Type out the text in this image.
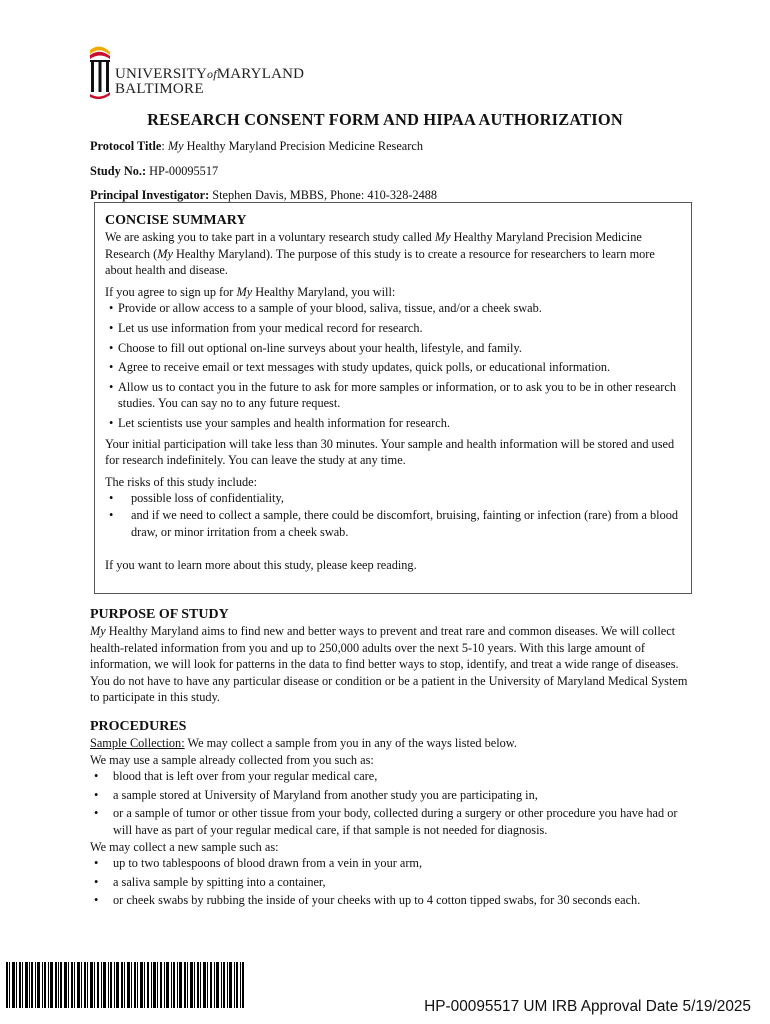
UNIVERSITYofMARYLAND
BALTIMORE
RESEARCH CONSENT FORM AND HIPAA AUTHORIZATION

Protocol Title: My Healthy Maryland Precision Medicine Research

Study No.: HP-00095517

Principal Investigator: Stephen Davis, MBBS, Phone: 410-328-2488

CONCISE SUMMARY

We are asking you to take part in a voluntary research study called My Healthy Maryland Precision Medicine Research (My Healthy Maryland). The purpose of this study is to create a resource for researchers to learn more about health and disease.

If you agree to sign up for My Healthy Maryland, you will:

• Provide or allow access to a sample of your blood, saliva, tissue, and/or a cheek swab.
• Let us use information from your medical record for research.
• Choose to fill out optional on-line surveys about your health, lifestyle, and family.
• Agree to receive email or text messages with study updates, quick polls, or educational information.
• Allow us to contact you in the future to ask for more samples or information, or to ask you to be in other research studies. You can say no to any future request.
• Let scientists use your samples and health information for research.

Your initial participation will take less than 30 minutes. Your sample and health information will be stored and used for research indefinitely. You can leave the study at any time.

The risks of this study include:

• possible loss of confidentiality,
• and if we need to collect a sample, there could be discomfort, bruising, fainting or infection (rare) from a blood draw, or minor irritation from a cheek swab.

If you want to learn more about this study, please keep reading.

PURPOSE OF STUDY

My Healthy Maryland aims to find new and better ways to prevent and treat rare and common diseases. We will collect health-related information from you and up to 250,000 adults over the next 5-10 years. With this large amount of information, we will look for patterns in the data to find better ways to stop, identify, and treat a wide range of diseases. You do not have to have any particular disease or condition or be a patient in the University of Maryland Medical System to participate in this study.

PROCEDURES

Sample Collection: We may collect a sample from you in any of the ways listed below.

We may use a sample already collected from you such as:

• blood that is left over from your regular medical care,
• a sample stored at University of Maryland from another study you are participating in,
• or a sample of tumor or other tissue from your body, collected during a surgery or other procedure you have had or will have as part of your regular medical care, if that sample is not needed for diagnosis.

We may collect a new sample such as:

• up to two tablespoons of blood drawn from a vein in your arm,
• a saliva sample by spitting into a container,
• or cheek swabs by rubbing the inside of your cheeks with up to 4 cotton tipped swabs, for 30 seconds each.
HP-00095517 UM IRB Approval Date 5/19/2025
